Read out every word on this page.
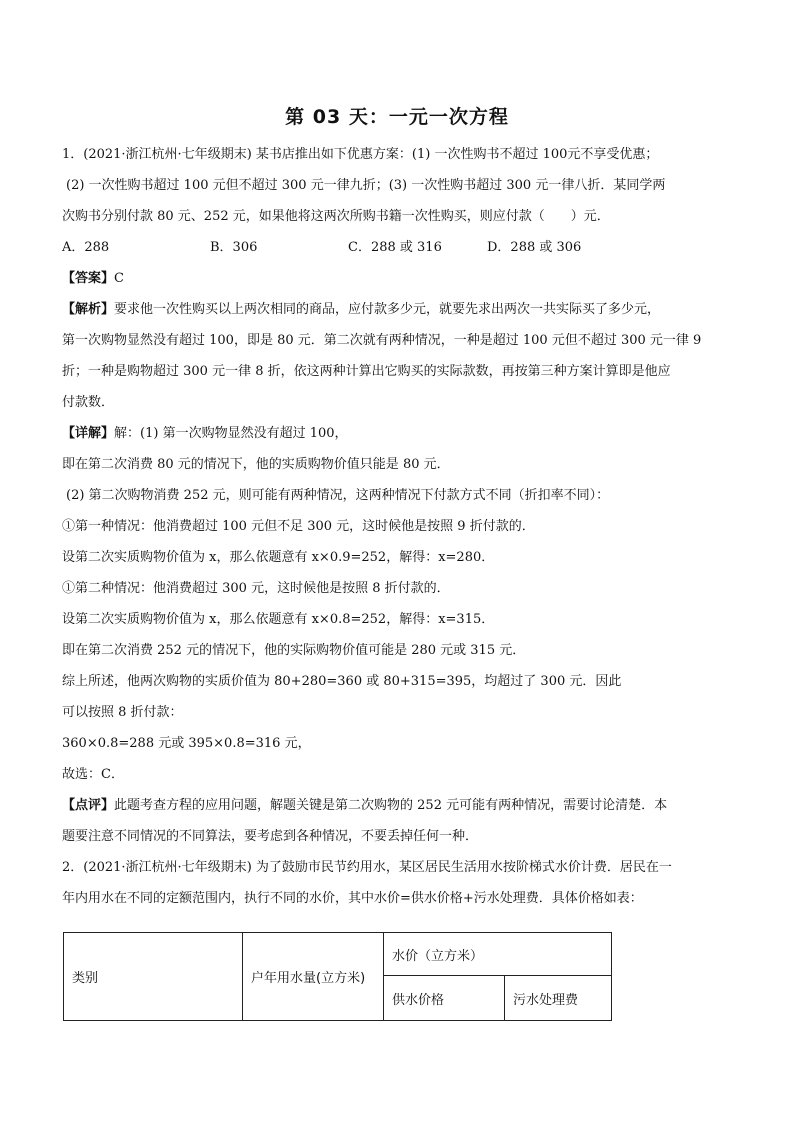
第 03 天：一元一次方程
1．(2021·浙江杭州·七年级期末) 某书店推出如下优惠方案：(1) 一次性购书不超过 100元不享受优惠；
(2) 一次性购书超过 100 元但不超过 300 元一律九折；(3) 一次性购书超过 300 元一律八折．某同学两
次购书分别付款 80 元、252 元，如果他将这两次所购书籍一次性购买，则应付款（　　）元．
A．288	B．306	C．288 或 316	D．288 或 306
【答案】C
【解析】要求他一次性购买以上两次相同的商品，应付款多少元，就要先求出两次一共实际买了多少元，
第一次购物显然没有超过 100，即是 80 元．第二次就有两种情况，一种是超过 100 元但不超过 300 元一律 9
折；一种是购物超过 300 元一律 8 折，依这两种计算出它购买的实际款数，再按第三种方案计算即是他应
付款数．
【详解】解：(1) 第一次购物显然没有超过 100，
即在第二次消费 80 元的情况下，他的实质购物价值只能是 80 元．
(2) 第二次购物消费 252 元，则可能有两种情况，这两种情况下付款方式不同（折扣率不同）：
①第一种情况：他消费超过 100 元但不足 300 元，这时候他是按照 9 折付款的．
设第二次实质购物价值为 x，那么依题意有 x×0.9=252，解得：x=280．
①第二种情况：他消费超过 300 元，这时候他是按照 8 折付款的．
设第二次实质购物价值为 x，那么依题意有 x×0.8=252，解得：x=315．
即在第二次消费 252 元的情况下，他的实际购物价值可能是 280 元或 315 元．
综上所述，他两次购物的实质价值为 80+280=360 或 80+315=395，均超过了 300 元．因此
可以按照 8 折付款：
360×0.8=288 元或 395×0.8=316 元，
故选：C．
【点评】此题考查方程的应用问题，解题关键是第二次购物的 252 元可能有两种情况，需要讨论清楚．本
题要注意不同情况的不同算法，要考虑到各种情况，不要丢掉任何一种．
2．(2021·浙江杭州·七年级期末) 为了鼓励市民节约用水，某区居民生活用水按阶梯式水价计费．居民在一
年内用水在不同的定额范围内，执行不同的水价，其中水价=供水价格+污水处理费．具体价格如表：
类别	户年用水量(立方米)	水价（立方米）	
		供水价格	污水处理费
